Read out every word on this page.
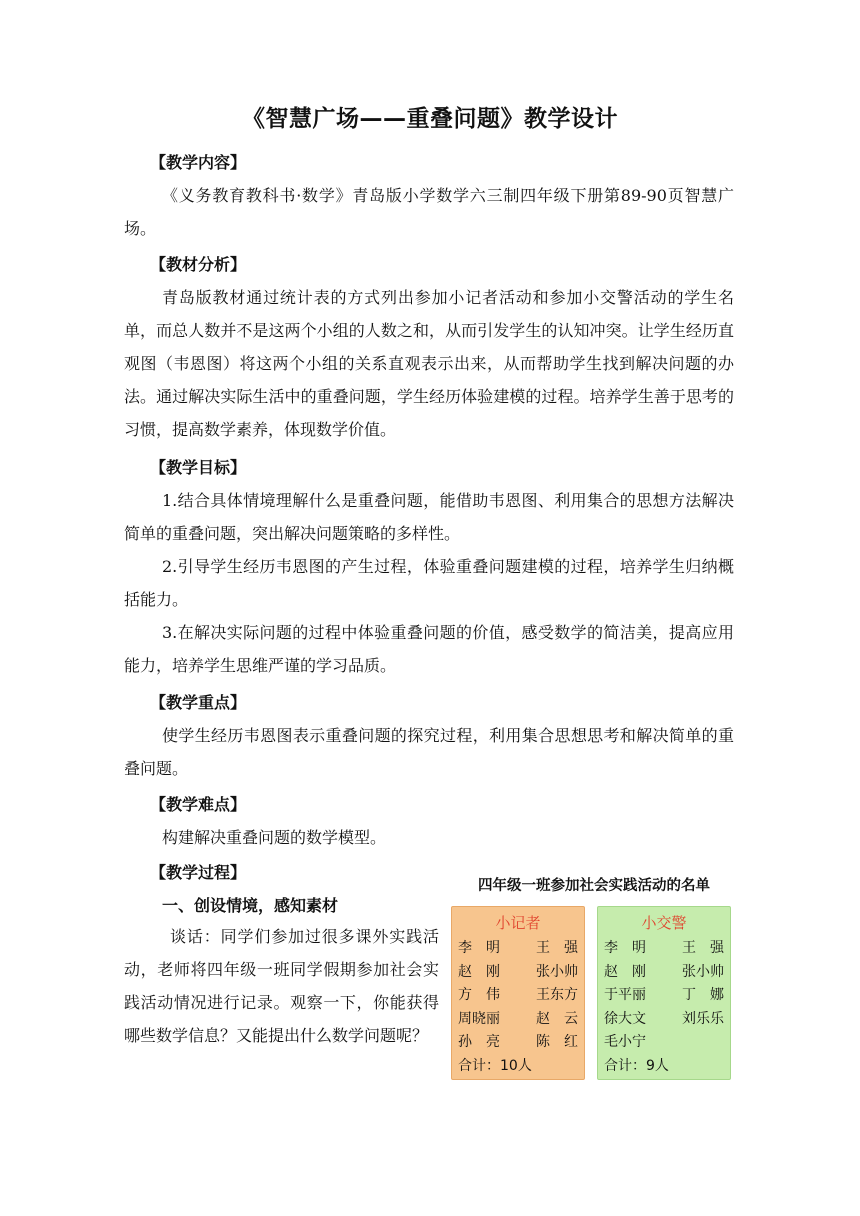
《智慧广场——重叠问题》教学设计
【教学内容】
《义务教育教科书·数学》青岛版小学数学六三制四年级下册第89-90页智慧广场。
【教材分析】
青岛版教材通过统计表的方式列出参加小记者活动和参加小交警活动的学生名单，而总人数并不是这两个小组的人数之和，从而引发学生的认知冲突。让学生经历直观图（韦恩图）将这两个小组的关系直观表示出来，从而帮助学生找到解决问题的办法。通过解决实际生活中的重叠问题，学生经历体验建模的过程。培养学生善于思考的习惯，提高数学素养，体现数学价值。
【教学目标】
1.结合具体情境理解什么是重叠问题，能借助韦恩图、利用集合的思想方法解决简单的重叠问题，突出解决问题策略的多样性。
2.引导学生经历韦恩图的产生过程，体验重叠问题建模的过程，培养学生归纳概括能力。
3.在解决实际问题的过程中体验重叠问题的价值，感受数学的简洁美，提高应用能力，培养学生思维严谨的学习品质。
【教学重点】
使学生经历韦恩图表示重叠问题的探究过程，利用集合思想思考和解决简单的重叠问题。
【教学难点】
构建解决重叠问题的数学模型。
【教学过程】
一、创设情境，感知素材
谈话：同学们参加过很多课外实践活动，老师将四年级一班同学假期参加社会实践活动情况进行记录。观察一下，你能获得哪些数学信息？又能提出什么数学问题呢？
四年级一班参加社会实践活动的名单
小记者
李　明	王　强
赵　刚	张小帅
方　伟	王东方
周晓丽	赵　云
孙　亮	陈　红
合计：10人
小交警
李　明	王　强
赵　刚	张小帅
于平丽	丁　娜
徐大文	刘乐乐
毛小宁
合计：9人
